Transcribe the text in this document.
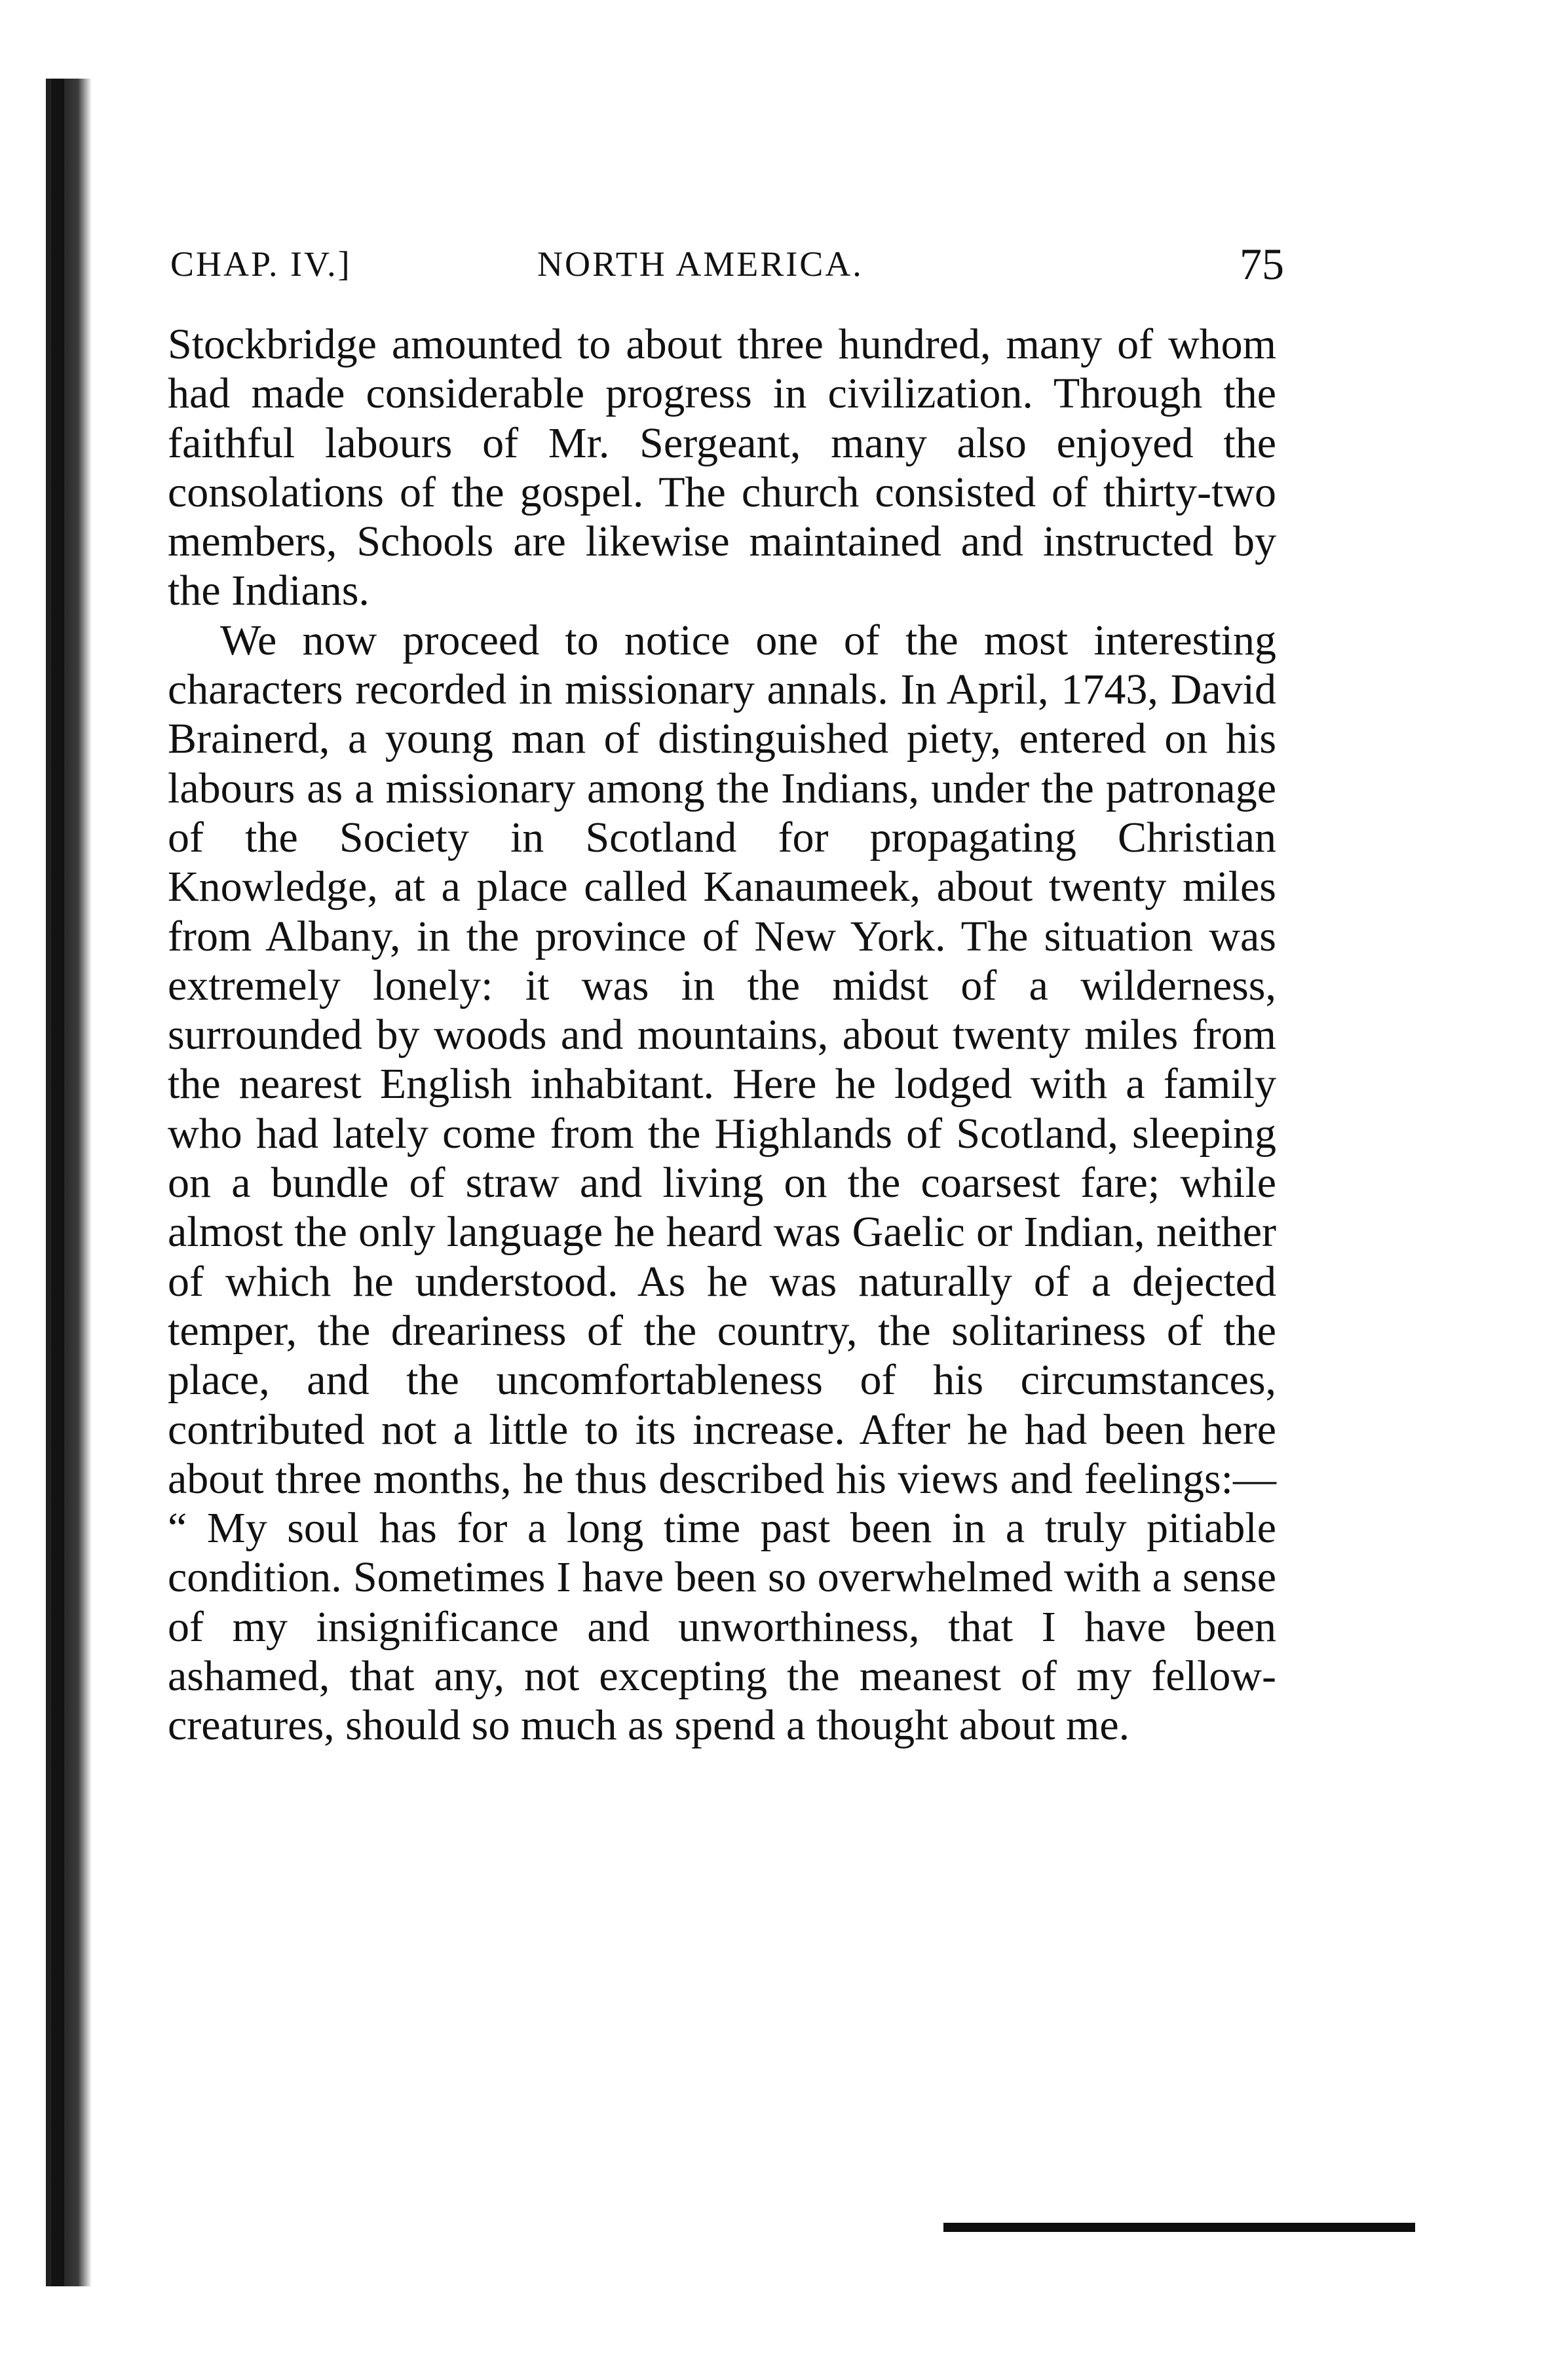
CHAP. IV.]	NORTH AMERICA.	75

Stockbridge amounted to about three hundred, many of whom had made considerable progress in civilization. Through the faithful labours of Mr. Sergeant, many also enjoyed the consolations of the gospel. The church consisted of thirty-two members, Schools are likewise maintained and instructed by the Indians.

We now proceed to notice one of the most interesting characters recorded in missionary annals. In April, 1743, David Brainerd, a young man of distinguished piety, entered on his labours as a missionary among the Indians, under the patronage of the Society in Scotland for propagating Christian Knowledge, at a place called Kanaumeek, about twenty miles from Albany, in the province of New York. The situation was extremely lonely: it was in the midst of a wilderness, surrounded by woods and mountains, about twenty miles from the nearest English inhabitant. Here he lodged with a family who had lately come from the Highlands of Scotland, sleeping on a bundle of straw and living on the coarsest fare; while almost the only language he heard was Gaelic or Indian, neither of which he understood. As he was naturally of a dejected temper, the dreariness of the country, the solitariness of the place, and the uncomfortableness of his circumstances, contributed not a little to its increase. After he had been here about three months, he thus described his views and feelings:— “ My soul has for a long time past been in a truly pitiable condition. Sometimes I have been so overwhelmed with a sense of my insignificance and unworthiness, that I have been ashamed, that any, not excepting the meanest of my fellow-creatures, should so much as spend a thought about me.
